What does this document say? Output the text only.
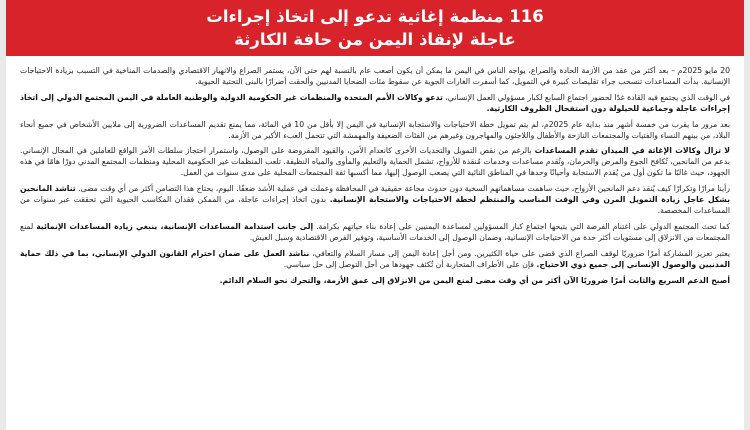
116 منظمة إغاثية تدعو إلى اتخاذ إجراءات
عاجلة لإنقاذ اليمن من حافة الكارثة

20 مايو 2025م – بعد أكثر من عقد من الأزمة الحادة والصراع، يواجه الناس في اليمن ما يمكن أن يكون أصعب عام بالنسبة لهم حتى الآن، يستمر الصراع والانهيار الاقتصادي والصدمات المناخية في التسبب بزيادة الاحتياجات الإنسانية. بدأت المساعدات تنسحب جراء تقليصات كبيرة في التمويل، كما أسفرت الغارات الجوية عن سقوط مئات الضحايا المدنيين وألحقت أضرارًا بالبنى التحتية الحيوية.

في الوقت الذي يجتمع فيه القادة غدًا لحضور اجتماع السابع لكبار مسؤولي العمل الإنساني، تدعو وكالات الأمم المتحدة والمنظمات غير الحكومية الدولية والوطنية العاملة في اليمن المجتمع الدولي إلى اتخاذ إجراءات عاجلة وجماعية للحيلولة دون استفحال الظروف الكارثية.

بعد مرور ما يقرب من خمسة أشهر منذ بداية عام 2025م، لم يتم تمويل خطة الاحتياجات والاستجابة الإنسانية في اليمن إلا بأقل من 10 في المائة، مما يمنع تقديم المساعدات الضرورية إلى ملايين الأشخاص في جميع أنحاء البلاد، من بينهم النساء والفتيات والمجتمعات النازحة والأطفال واللاجئون والمهاجرون وغيرهم من الفئات الضعيفة والمهمشة التي تتحمل العبء الأكبر من الأزمة.

لا تزال وكالات الإغاثة في الميدان تقدم المساعدات بالرغم من نقص التمويل والتحديات الأخرى كانعدام الأمن، والقيود المفروضة على الوصول، واستمرار احتجاز سلطات الأمر الواقع للعاملين في المجال الإنساني. بدعم من المانحين، تُكافح الجوع والمرض والحرمان، وتُقدم مساعدات وخدمات مُنقذة للأرواح، تشمل الحماية والتعليم والمأوى والمياه النظيفة. تلعب المنظمات غير الحكومية المحلية ومنظمات المجتمع المدني دورًا هامًا في هذه الجهود، حيث غالبًا ما تكون أول من يُقدم الاستجابة وأحيانًا وحدها في المناطق النائية التي يصعب الوصول إليها، مما أكسبها ثقة المجتمعات المحلية على مدى سنوات من العمل.

رأينا مرارًا وتكرارًا كيف يُنقذ دعم المانحين الأرواح، حيث ساهمت مساهماتهم السخية دون حدوث مجاعة حقيقية في المحافظة وعملت في عملية الأشد ضعفًا. اليوم، يحتاج هذا التضامن أكثر من أي وقت مضى. تناشد المانحين بشكل عاجل زيادة التمويل المرن وفي الوقت المناسب والمنتظم لخطة الاحتياجات والاستجابة الإنسانية. بدون اتخاذ إجراءات عاجلة، من الممكن فقدان المكاسب الحيوية التي تحققت عبر سنوات من المساعدات المخصصة.

كما تحث المجتمع الدولي على اغتنام الفرصة التي يتيحها اجتماع كبار المسؤولين لمساعدة اليمنيين على إعادة بناء حياتهم بكرامة. إلى جانب استدامة المساعدات الإنسانية، ينبغي زيادة المساعدات الإنمائية لمنع المجتمعات من الانزلاق إلى مستويات أكثر حدة من الاحتياجات الإنسانية، وضمان الوصول إلى الخدمات الأساسية، وتوفير الفرص الاقتصادية وسبل العيش.

يعتبر تعزيز المشاركة أمرًا ضروريًا لوقف الصراع الذي قضى على حياة الكثيرين. ومن أجل إعادة اليمن إلى مسار السلام والتعافي، نناشد العمل على ضمان احترام القانون الدولي الإنساني، بما في ذلك حماية المدنيين والوصول الإنساني إلى جميع ذوي الاحتياج. فإن على الأطراف المتحاربة أن تُكثف جهودها من أجل التوصل إلى حل سياسي.

أصبح الدعم السريع والثابت أمرًا ضروريًا الآن أكثر من أي وقت مضى لمنع اليمن من الانزلاق إلى عمق الأزمة، والتحرك نحو السلام الدائم.
